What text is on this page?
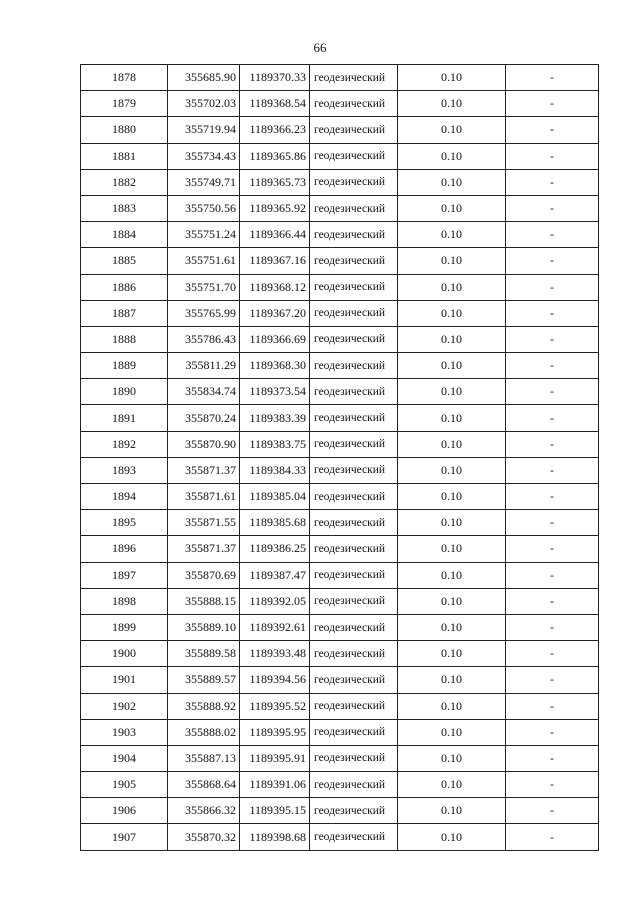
66
1878	355685.90	1189370.33	геодезический	0.10	-
1879	355702.03	1189368.54	геодезический	0.10	-
1880	355719.94	1189366.23	геодезический	0.10	-
1881	355734.43	1189365.86	геодезический	0.10	-
1882	355749.71	1189365.73	геодезический	0.10	-
1883	355750.56	1189365.92	геодезический	0.10	-
1884	355751.24	1189366.44	геодезический	0.10	-
1885	355751.61	1189367.16	геодезический	0.10	-
1886	355751.70	1189368.12	геодезический	0.10	-
1887	355765.99	1189367.20	геодезический	0.10	-
1888	355786.43	1189366.69	геодезический	0.10	-
1889	355811.29	1189368.30	геодезический	0.10	-
1890	355834.74	1189373.54	геодезический	0.10	-
1891	355870.24	1189383.39	геодезический	0.10	-
1892	355870.90	1189383.75	геодезический	0.10	-
1893	355871.37	1189384.33	геодезический	0.10	-
1894	355871.61	1189385.04	геодезический	0.10	-
1895	355871.55	1189385.68	геодезический	0.10	-
1896	355871.37	1189386.25	геодезический	0.10	-
1897	355870.69	1189387.47	геодезический	0.10	-
1898	355888.15	1189392.05	геодезический	0.10	-
1899	355889.10	1189392.61	геодезический	0.10	-
1900	355889.58	1189393.48	геодезический	0.10	-
1901	355889.57	1189394.56	геодезический	0.10	-
1902	355888.92	1189395.52	геодезический	0.10	-
1903	355888.02	1189395.95	геодезический	0.10	-
1904	355887.13	1189395.91	геодезический	0.10	-
1905	355868.64	1189391.06	геодезический	0.10	-
1906	355866.32	1189395.15	геодезический	0.10	-
1907	355870.32	1189398.68	геодезический	0.10	-
